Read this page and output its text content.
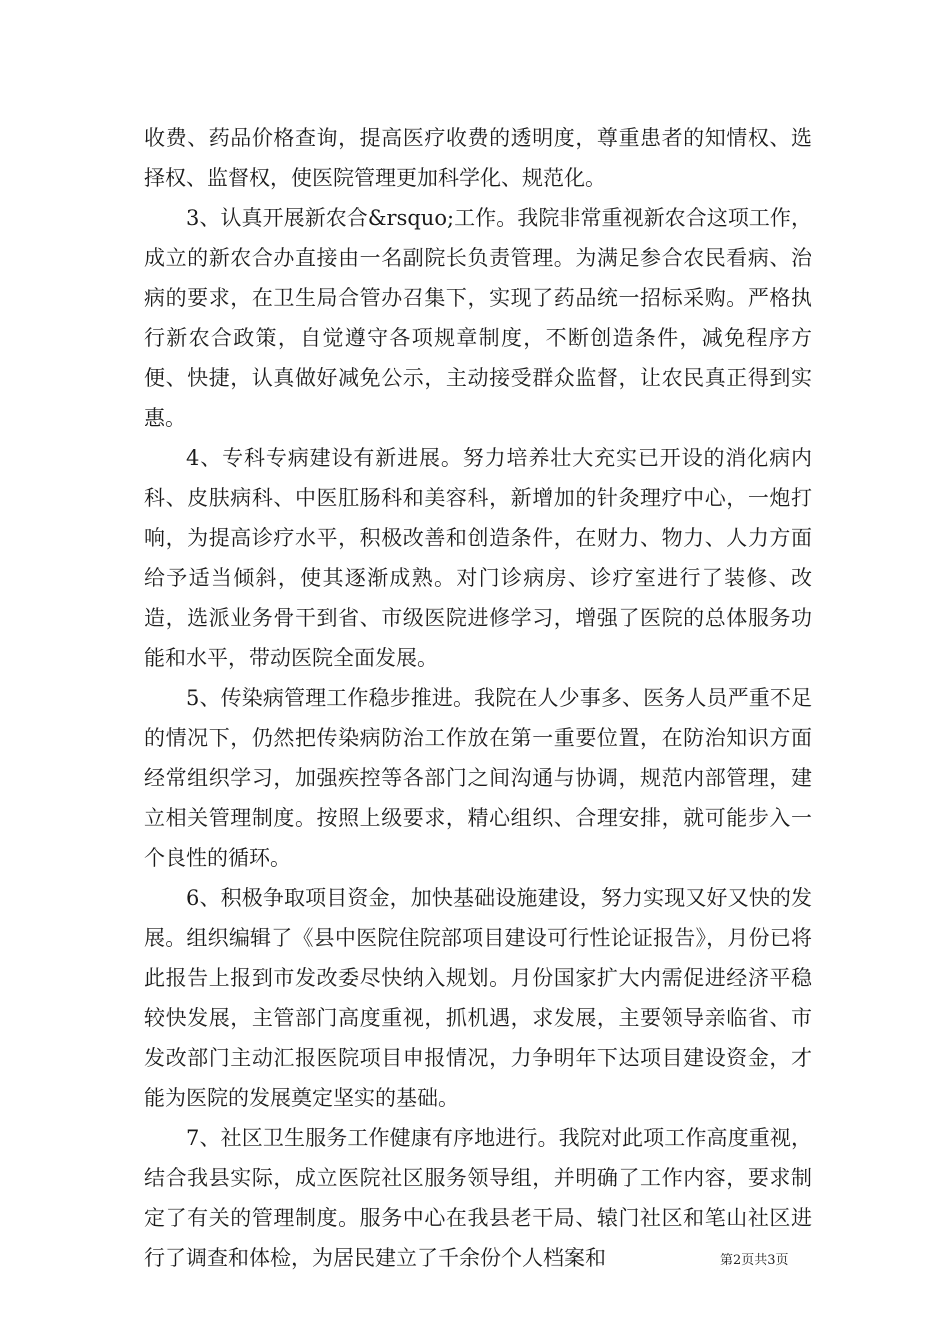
收费、药品价格查询，提高医疗收费的透明度，尊重患者的知情权、选择权、监督权，使医院管理更加科学化、规范化。

3、认真开展新农合&rsquo;工作。我院非常重视新农合这项工作，成立的新农合办直接由一名副院长负责管理。为满足参合农民看病、治病的要求，在卫生局合管办召集下，实现了药品统一招标采购。严格执行新农合政策，自觉遵守各项规章制度，不断创造条件，减免程序方便、快捷，认真做好减免公示，主动接受群众监督，让农民真正得到实惠。

4、专科专病建设有新进展。努力培养壮大充实已开设的消化病内科、皮肤病科、中医肛肠科和美容科，新增加的针灸理疗中心，一炮打响，为提高诊疗水平，积极改善和创造条件，在财力、物力、人力方面给予适当倾斜，使其逐渐成熟。对门诊病房、诊疗室进行了装修、改造，选派业务骨干到省、市级医院进修学习，增强了医院的总体服务功能和水平，带动医院全面发展。

5、传染病管理工作稳步推进。我院在人少事多、医务人员严重不足的情况下，仍然把传染病防治工作放在第一重要位置，在防治知识方面经常组织学习，加强疾控等各部门之间沟通与协调，规范内部管理，建立相关管理制度。按照上级要求，精心组织、合理安排，就可能步入一个良性的循环。

6、积极争取项目资金，加快基础设施建设，努力实现又好又快的发展。组织编辑了《县中医院住院部项目建设可行性论证报告》，月份已将此报告上报到市发改委尽快纳入规划。月份国家扩大内需促进经济平稳较快发展，主管部门高度重视，抓机遇，求发展，主要领导亲临省、市发改部门主动汇报医院项目申报情况，力争明年下达项目建设资金，才能为医院的发展奠定坚实的基础。

7、社区卫生服务工作健康有序地进行。我院对此项工作高度重视，结合我县实际，成立医院社区服务领导组，并明确了工作内容，要求制定了有关的管理制度。服务中心在我县老干局、辕门社区和笔山社区进行了调查和体检，为居民建立了千余份个人档案和	第2页共3页
